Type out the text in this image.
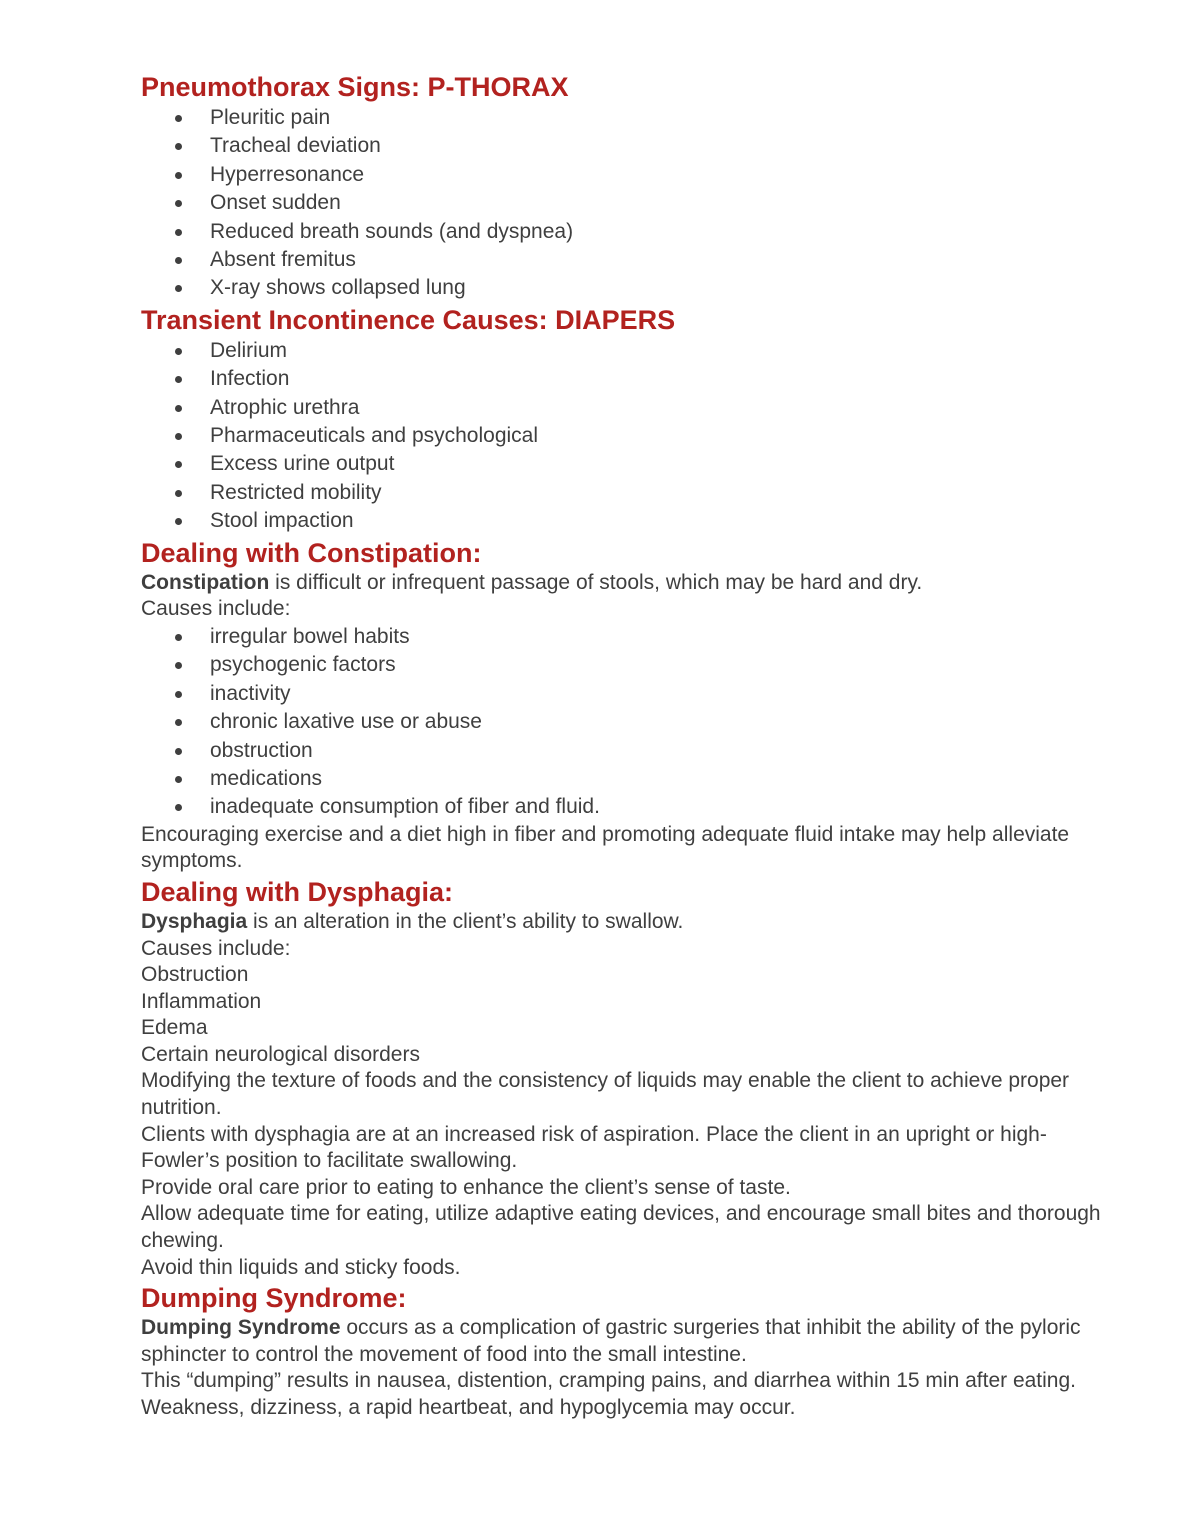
Pneumothorax Signs: P-THORAX
Pleuritic pain
Tracheal deviation
Hyperresonance
Onset sudden
Reduced breath sounds (and dyspnea)
Absent fremitus
X-ray shows collapsed lung
Transient Incontinence Causes: DIAPERS
Delirium
Infection
Atrophic urethra
Pharmaceuticals and psychological
Excess urine output
Restricted mobility
Stool impaction
Dealing with Constipation:

Constipation is difficult or infrequent passage of stools, which may be hard and dry.

Causes include:

irregular bowel habits
psychogenic factors
inactivity
chronic laxative use or abuse
obstruction
medications
inadequate consumption of fiber and fluid.

Encouraging exercise and a diet high in fiber and promoting adequate fluid intake may help alleviate symptoms.

Dealing with Dysphagia:

Dysphagia is an alteration in the client’s ability to swallow.

Causes include:

Obstruction

Inflammation

Edema

Certain neurological disorders

Modifying the texture of foods and the consistency of liquids may enable the client to achieve proper nutrition.

Clients with dysphagia are at an increased risk of aspiration. Place the client in an upright or high-Fowler’s position to facilitate swallowing.

Provide oral care prior to eating to enhance the client’s sense of taste.

Allow adequate time for eating, utilize adaptive eating devices, and encourage small bites and thorough chewing.

Avoid thin liquids and sticky foods.

Dumping Syndrome:

Dumping Syndrome occurs as a complication of gastric surgeries that inhibit the ability of the pyloric sphincter to control the movement of food into the small intestine.

This “dumping” results in nausea, distention, cramping pains, and diarrhea within 15 min after eating.

Weakness, dizziness, a rapid heartbeat, and hypoglycemia may occur.
